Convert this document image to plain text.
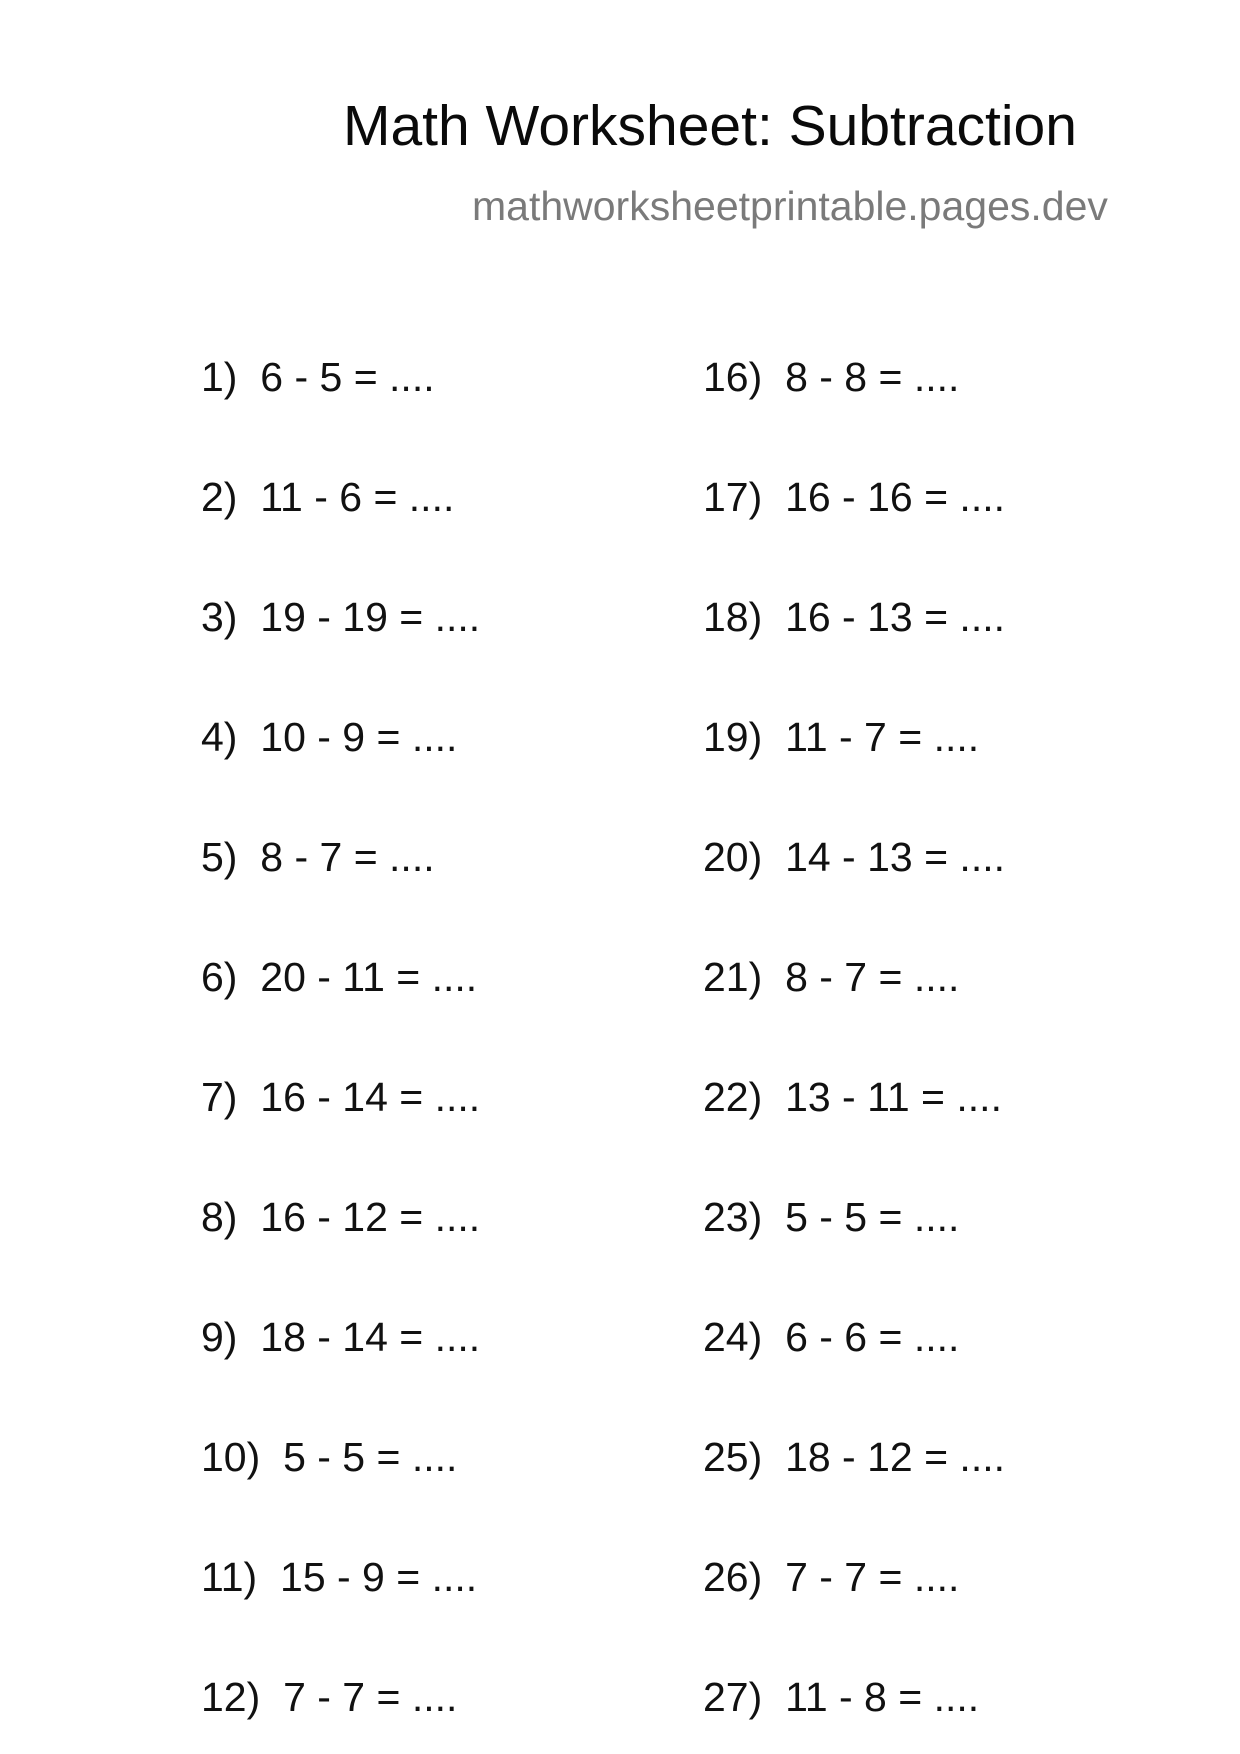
Math Worksheet: Subtraction
mathworksheetprintable.pages.dev
1) 6 - 5 = ....
2) 11 - 6 = ....
3) 19 - 19 = ....
4) 10 - 9 = ....
5) 8 - 7 = ....
6) 20 - 11 = ....
7) 16 - 14 = ....
8) 16 - 12 = ....
9) 18 - 14 = ....
10) 5 - 5 = ....
11) 15 - 9 = ....
12) 7 - 7 = ....
16) 8 - 8 = ....
17) 16 - 16 = ....
18) 16 - 13 = ....
19) 11 - 7 = ....
20) 14 - 13 = ....
21) 8 - 7 = ....
22) 13 - 11 = ....
23) 5 - 5 = ....
24) 6 - 6 = ....
25) 18 - 12 = ....
26) 7 - 7 = ....
27) 11 - 8 = ....
